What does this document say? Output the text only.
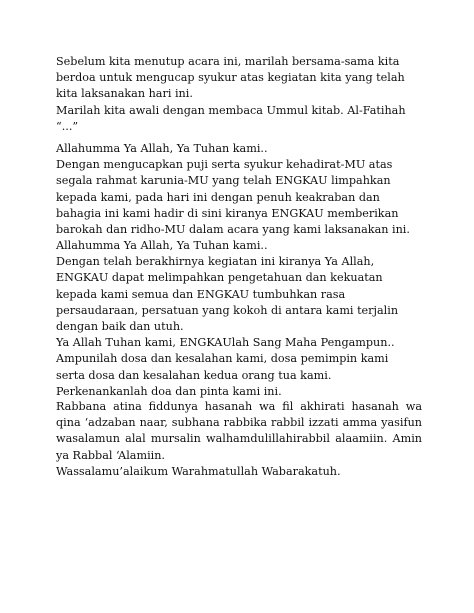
Sebelum kita menutup acara ini, marilah bersama-sama kita
berdoa untuk mengucap syukur atas kegiatan kita yang telah
kita laksanakan hari ini.
Marilah kita awali dengan membaca Ummul kitab. Al-Fatihah
“...”
Allahumma Ya Allah, Ya Tuhan kami..
Dengan mengucapkan puji serta syukur kehadirat-MU atas
segala rahmat karunia-MU yang telah ENGKAU limpahkan
kepada kami, pada hari ini dengan penuh keakraban dan
bahagia ini kami hadir di sini kiranya ENGKAU memberikan
barokah dan ridho-MU dalam acara yang kami laksanakan ini.
Allahumma Ya Allah, Ya Tuhan kami..
Dengan telah berakhirnya kegiatan ini kiranya Ya Allah,
ENGKAU dapat melimpahkan pengetahuan dan kekuatan
kepada kami semua dan ENGKAU tumbuhkan rasa
persaudaraan, persatuan yang kokoh di antara kami terjalin
dengan baik dan utuh.
Ya Allah Tuhan kami, ENGKAUlah Sang Maha Pengampun..
Ampunilah dosa dan kesalahan kami, dosa pemimpin kami
serta dosa dan kesalahan kedua orang tua kami.
Perkenankanlah doa dan pinta kami ini.
Rabbana atina fiddunya hasanah wa fil akhirati hasanah wa
qina ‘adzaban naar, subhana rabbika rabbil izzati amma yasifun
wasalamun alal mursalin walhamdulillahirabbil alaamiin. Amin
ya Rabbal ‘Alamiin.
Wassalamu’alaikum Warahmatullah Wabarakatuh.
